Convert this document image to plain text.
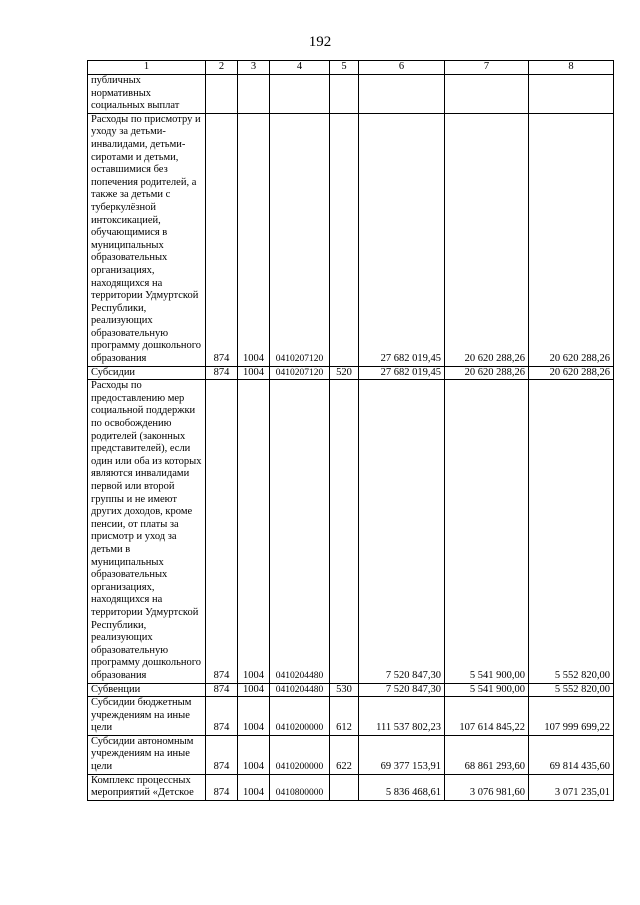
192
1	2	3	4	5	6	7	8
публичных нормативных социальных выплат							
Расходы по присмотру и уходу за детьми-инвалидами, детьми-сиротами и детьми, оставшимися без попечения родителей, а также за детьми с туберкулёзной интоксикацией, обучающимися в муниципальных образовательных организациях, находящихся на территории Удмуртской Республики, реализующих образовательную программу дошкольного образования	874	1004	0410207120		27 682 019,45	20 620 288,26	20 620 288,26
Субсидии	874	1004	0410207120	520	27 682 019,45	20 620 288,26	20 620 288,26
Расходы по предоставлению мер социальной поддержки по освобождению родителей (законных представителей), если один или оба из которых являются инвалидами первой или второй группы и не имеют других доходов, кроме пенсии, от платы за присмотр и уход за детьми в муниципальных образовательных организациях, находящихся на территории Удмуртской Республики, реализующих образовательную программу дошкольного образования	874	1004	0410204480		7 520 847,30	5 541 900,00	5 552 820,00
Субвенции	874	1004	0410204480	530	7 520 847,30	5 541 900,00	5 552 820,00
Субсидии бюджетным учреждениям на иные цели	874	1004	0410200000	612	111 537 802,23	107 614 845,22	107 999 699,22
Субсидии автономным учреждениям на иные цели	874	1004	0410200000	622	69 377 153,91	68 861 293,60	69 814 435,60
Комплекс процессных мероприятий «Детское	874	1004	0410800000		5 836 468,61	3 076 981,60	3 071 235,01
